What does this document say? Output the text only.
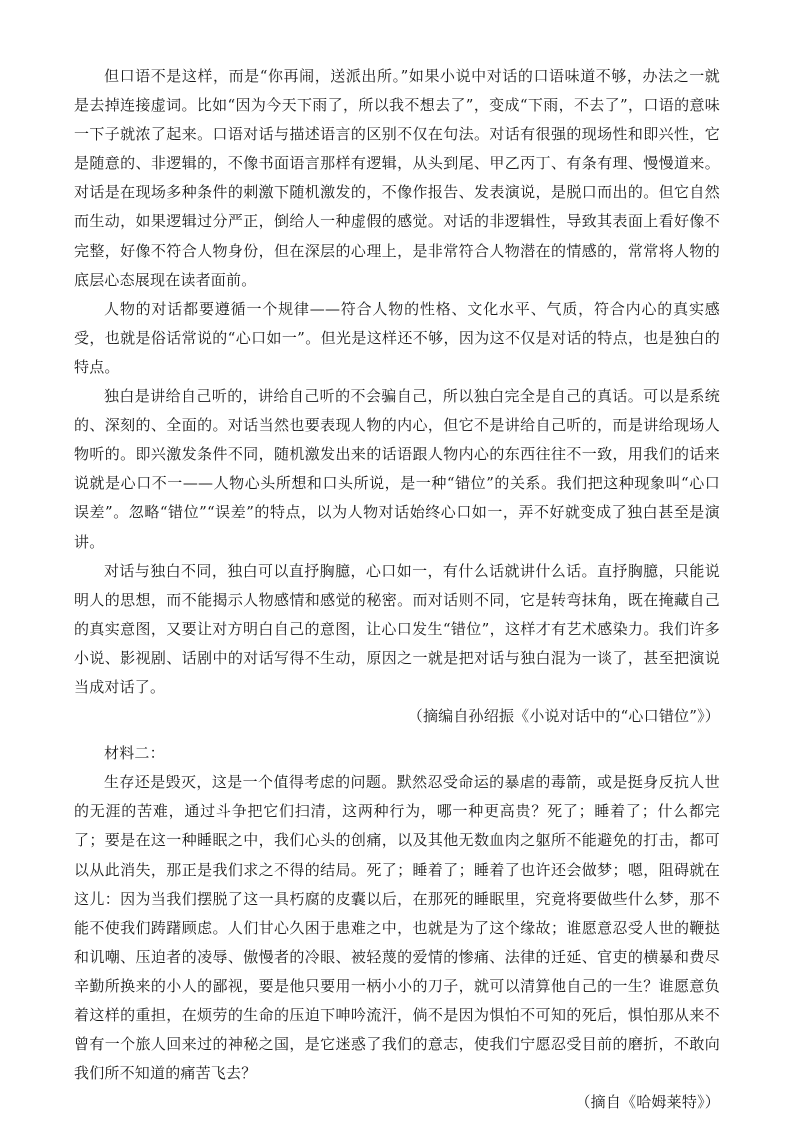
但口语不是这样，而是“你再闹，送派出所。”如果小说中对话的口语味道不够，办法之一就是去掉连接虚词。比如“因为今天下雨了，所以我不想去了”，变成“下雨，不去了”，口语的意味一下子就浓了起来。口语对话与描述语言的区别不仅在句法。对话有很强的现场性和即兴性，它是随意的、非逻辑的，不像书面语言那样有逻辑，从头到尾、甲乙丙丁、有条有理、慢慢道来。对话是在现场多种条件的刺激下随机激发的，不像作报告、发表演说，是脱口而出的。但它自然而生动，如果逻辑过分严正，倒给人一种虚假的感觉。对话的非逻辑性，导致其表面上看好像不完整，好像不符合人物身份，但在深层的心理上，是非常符合人物潜在的情感的，常常将人物的底层心态展现在读者面前。

人物的对话都要遵循一个规律——符合人物的性格、文化水平、气质，符合内心的真实感受，也就是俗话常说的“心口如一”。但光是这样还不够，因为这不仅是对话的特点，也是独白的特点。

独白是讲给自己听的，讲给自己听的不会骗自己，所以独白完全是自己的真话。可以是系统的、深刻的、全面的。对话当然也要表现人物的内心，但它不是讲给自己听的，而是讲给现场人物听的。即兴激发条件不同，随机激发出来的话语跟人物内心的东西往往不一致，用我们的话来说就是心口不一——人物心头所想和口头所说，是一种“错位”的关系。我们把这种现象叫“心口误差”。忽略“错位”“误差”的特点，以为人物对话始终心口如一，弄不好就变成了独白甚至是演讲。

对话与独白不同，独白可以直抒胸臆，心口如一，有什么话就讲什么话。直抒胸臆，只能说明人的思想，而不能揭示人物感情和感觉的秘密。而对话则不同，它是转弯抹角，既在掩藏自己的真实意图，又要让对方明白自己的意图，让心口发生“错位”，这样才有艺术感染力。我们许多小说、影视剧、话剧中的对话写得不生动，原因之一就是把对话与独白混为一谈了，甚至把演说当成对话了。

（摘编自孙绍振《小说对话中的“心口错位”》）

材料二：

生存还是毁灭，这是一个值得考虑的问题。默然忍受命运的暴虐的毒箭，或是挺身反抗人世的无涯的苦难，通过斗争把它们扫清，这两种行为，哪一种更高贵？死了；睡着了；什么都完了；要是在这一种睡眠之中，我们心头的创痛，以及其他无数血肉之躯所不能避免的打击，都可以从此消失，那正是我们求之不得的结局。死了；睡着了；睡着了也许还会做梦；嗯，阻碍就在这儿：因为当我们摆脱了这一具朽腐的皮囊以后，在那死的睡眠里，究竟将要做些什么梦，那不能不使我们踌躇顾虑。人们甘心久困于患难之中，也就是为了这个缘故；谁愿意忍受人世的鞭挞和讥嘲、压迫者的凌辱、傲慢者的冷眼、被轻蔑的爱情的惨痛、法律的迁延、官吏的横暴和费尽辛勤所换来的小人的鄙视，要是他只要用一柄小小的刀子，就可以清算他自己的一生？谁愿意负着这样的重担，在烦劳的生命的压迫下呻吟流汗，倘不是因为惧怕不可知的死后，惧怕那从来不曾有一个旅人回来过的神秘之国，是它迷惑了我们的意志，使我们宁愿忍受目前的磨折，不敢向我们所不知道的痛苦飞去？

（摘自《哈姆莱特》）
